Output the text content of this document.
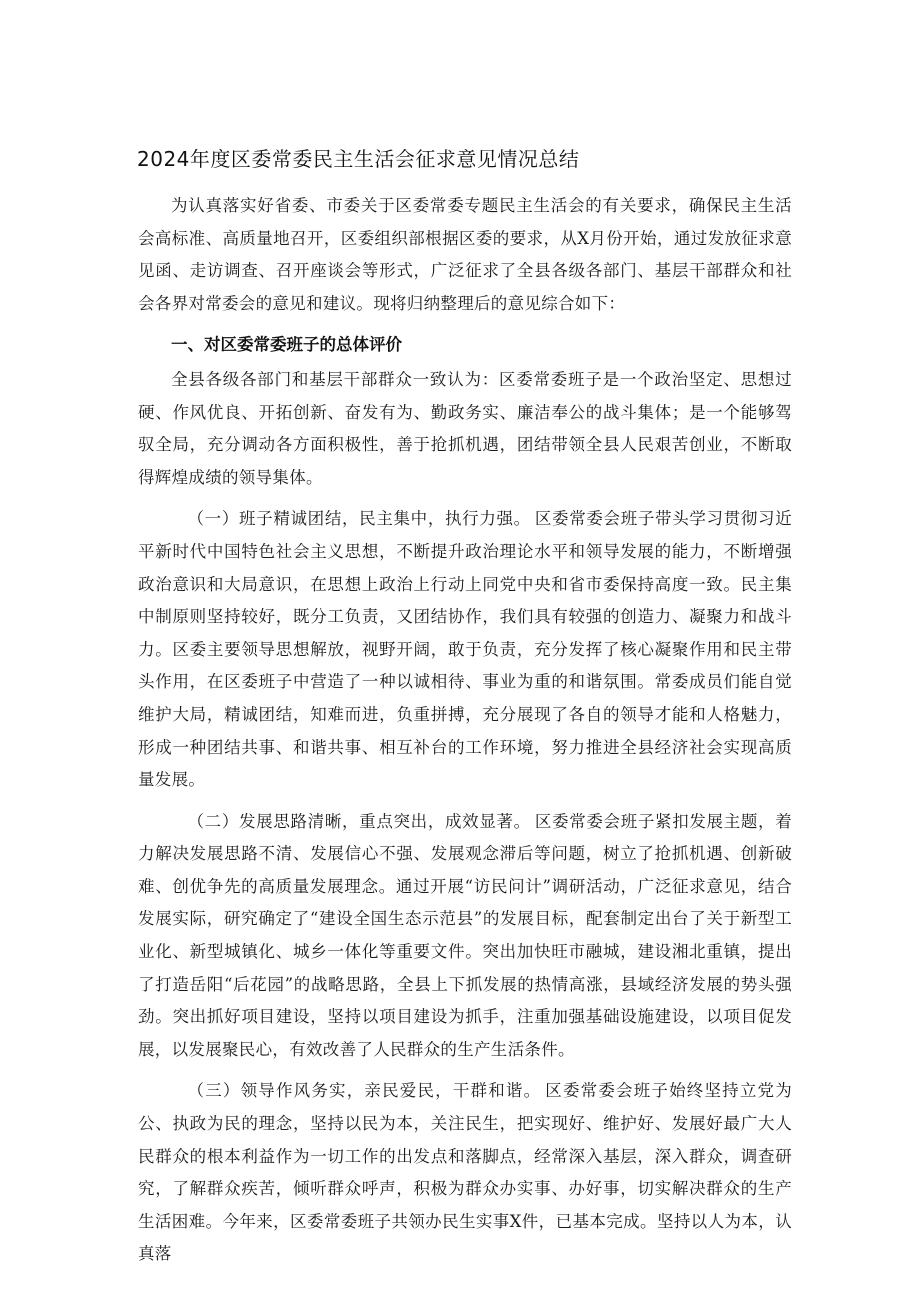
2024年度区委常委民主生活会征求意见情况总结

为认真落实好省委、市委关于区委常委专题民主生活会的有关要求，确保民主生活会高标准、高质量地召开，区委组织部根据区委的要求，从X月份开始，通过发放征求意见函、走访调查、召开座谈会等形式，广泛征求了全县各级各部门、基层干部群众和社会各界对常委会的意见和建议。现将归纳整理后的意见综合如下：

一、对区委常委班子的总体评价

全县各级各部门和基层干部群众一致认为：区委常委班子是一个政治坚定、思想过硬、作风优良、开拓创新、奋发有为、勤政务实、廉洁奉公的战斗集体；是一个能够驾驭全局，充分调动各方面积极性，善于抢抓机遇，团结带领全县人民艰苦创业，不断取得辉煌成绩的领导集体。

（一）班子精诚团结，民主集中，执行力强。 区委常委会班子带头学习贯彻习近平新时代中国特色社会主义思想，不断提升政治理论水平和领导发展的能力，不断增强政治意识和大局意识，在思想上政治上行动上同党中央和省市委保持高度一致。民主集中制原则坚持较好，既分工负责，又团结协作，我们具有较强的创造力、凝聚力和战斗力。区委主要领导思想解放，视野开阔，敢于负责，充分发挥了核心凝聚作用和民主带头作用，在区委班子中营造了一种以诚相待、事业为重的和谐氛围。常委成员们能自觉维护大局，精诚团结，知难而进，负重拼搏，充分展现了各自的领导才能和人格魅力，形成一种团结共事、和谐共事、相互补台的工作环境，努力推进全县经济社会实现高质量发展。

（二）发展思路清晰，重点突出，成效显著。 区委常委会班子紧扣发展主题，着力解决发展思路不清、发展信心不强、发展观念滞后等问题，树立了抢抓机遇、创新破难、创优争先的高质量发展理念。通过开展“访民问计”调研活动，广泛征求意见，结合发展实际，研究确定了“建设全国生态示范县”的发展目标，配套制定出台了关于新型工业化、新型城镇化、城乡一体化等重要文件。突出加快旺市融城，建设湘北重镇，提出了打造岳阳“后花园”的战略思路，全县上下抓发展的热情高涨，县域经济发展的势头强劲。突出抓好项目建设，坚持以项目建设为抓手，注重加强基础设施建设，以项目促发展，以发展聚民心，有效改善了人民群众的生产生活条件。

（三）领导作风务实，亲民爱民，干群和谐。 区委常委会班子始终坚持立党为公、执政为民的理念，坚持以民为本，关注民生，把实现好、维护好、发展好最广大人民群众的根本利益作为一切工作的出发点和落脚点，经常深入基层，深入群众，调查研究，了解群众疾苦，倾听群众呼声，积极为群众办实事、办好事，切实解决群众的生产生活困难。今年来，区委常委班子共领办民生实事X件，已基本完成。坚持以人为本，认真落
